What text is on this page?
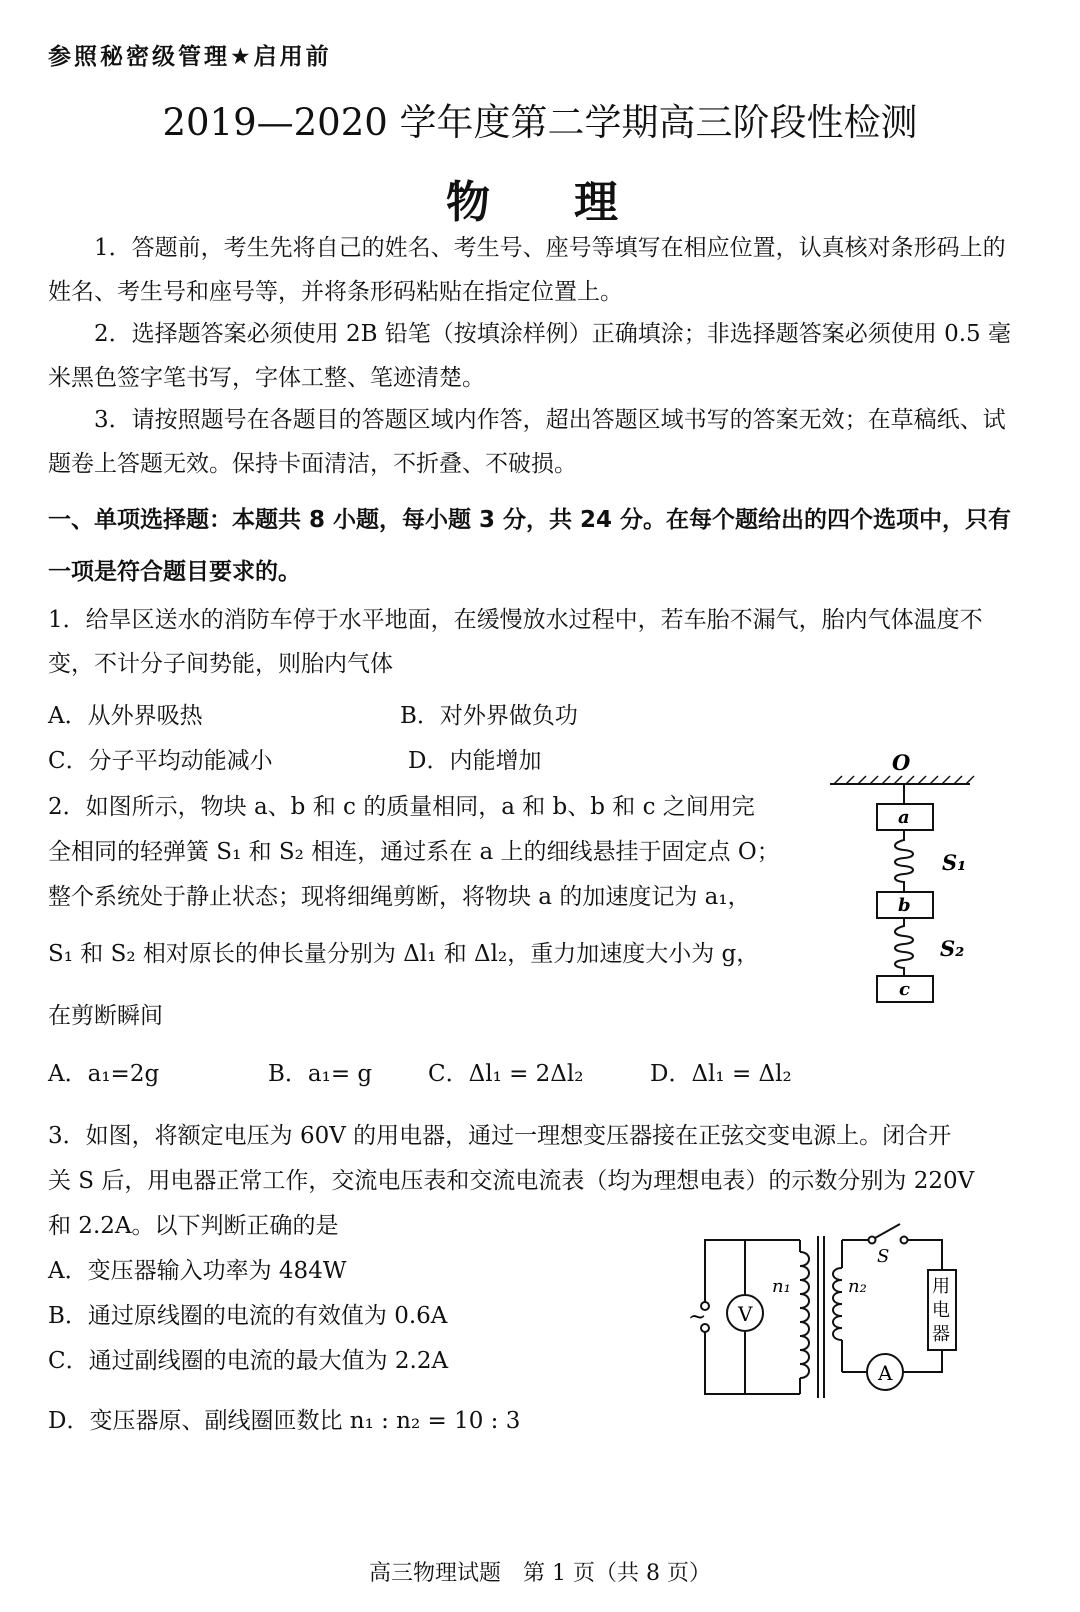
参照秘密级管理★启用前
2019—2020 学年度第二学期高三阶段性检测
物理
1．答题前，考生先将自己的姓名、考生号、座号等填写在相应位置，认真核对条形码上的姓名、考生号和座号等，并将条形码粘贴在指定位置上。
2．选择题答案必须使用 2B 铅笔（按填涂样例）正确填涂；非选择题答案必须使用 0.5 毫米黑色签字笔书写，字体工整、笔迹清楚。
3．请按照题号在各题目的答题区域内作答，超出答题区域书写的答案无效；在草稿纸、试题卷上答题无效。保持卡面清洁，不折叠、不破损。
一、单项选择题：本题共 8 小题，每小题 3 分，共 24 分。在每个题给出的四个选项中，只有一项是符合题目要求的。
1．给旱区送水的消防车停于水平地面，在缓慢放水过程中，若车胎不漏气，胎内气体温度不变，不计分子间势能，则胎内气体
A．从外界吸热	B．对外界做负功
C．分子平均动能减小	D．内能增加
2．如图所示，物块 a、b 和 c 的质量相同，a 和 b、b 和 c 之间用完
全相同的轻弹簧 S₁ 和 S₂ 相连，通过系在 a 上的细线悬挂于固定点 O；
整个系统处于静止状态；现将细绳剪断，将物块 a 的加速度记为 a₁，
S₁ 和 S₂ 相对原长的伸长量分别为 Δl₁ 和 Δl₂，重力加速度大小为 g，
在剪断瞬间
A．a₁=2g	B．a₁= g C．Δl₁ = 2Δl₂	D．Δl₁ = Δl₂
O
a
S₁
b
S₂
c
3．如图，将额定电压为 60V 的用电器，通过一理想变压器接在正弦交变电源上。闭合开
关 S 后，用电器正常工作，交流电压表和交流电流表（均为理想电表）的示数分别为 220V
和 2.2A。以下判断正确的是
A．变压器输入功率为 484W
B．通过原线圈的电流的有效值为 0.6A
C．通过副线圈的电流的最大值为 2.2A
D．变压器原、副线圈匝数比 n₁ : n₂ = 10 : 3
~ V
n₁	n₂
S
用
电
器
A
高三物理试题　第 1 页（共 8 页）
